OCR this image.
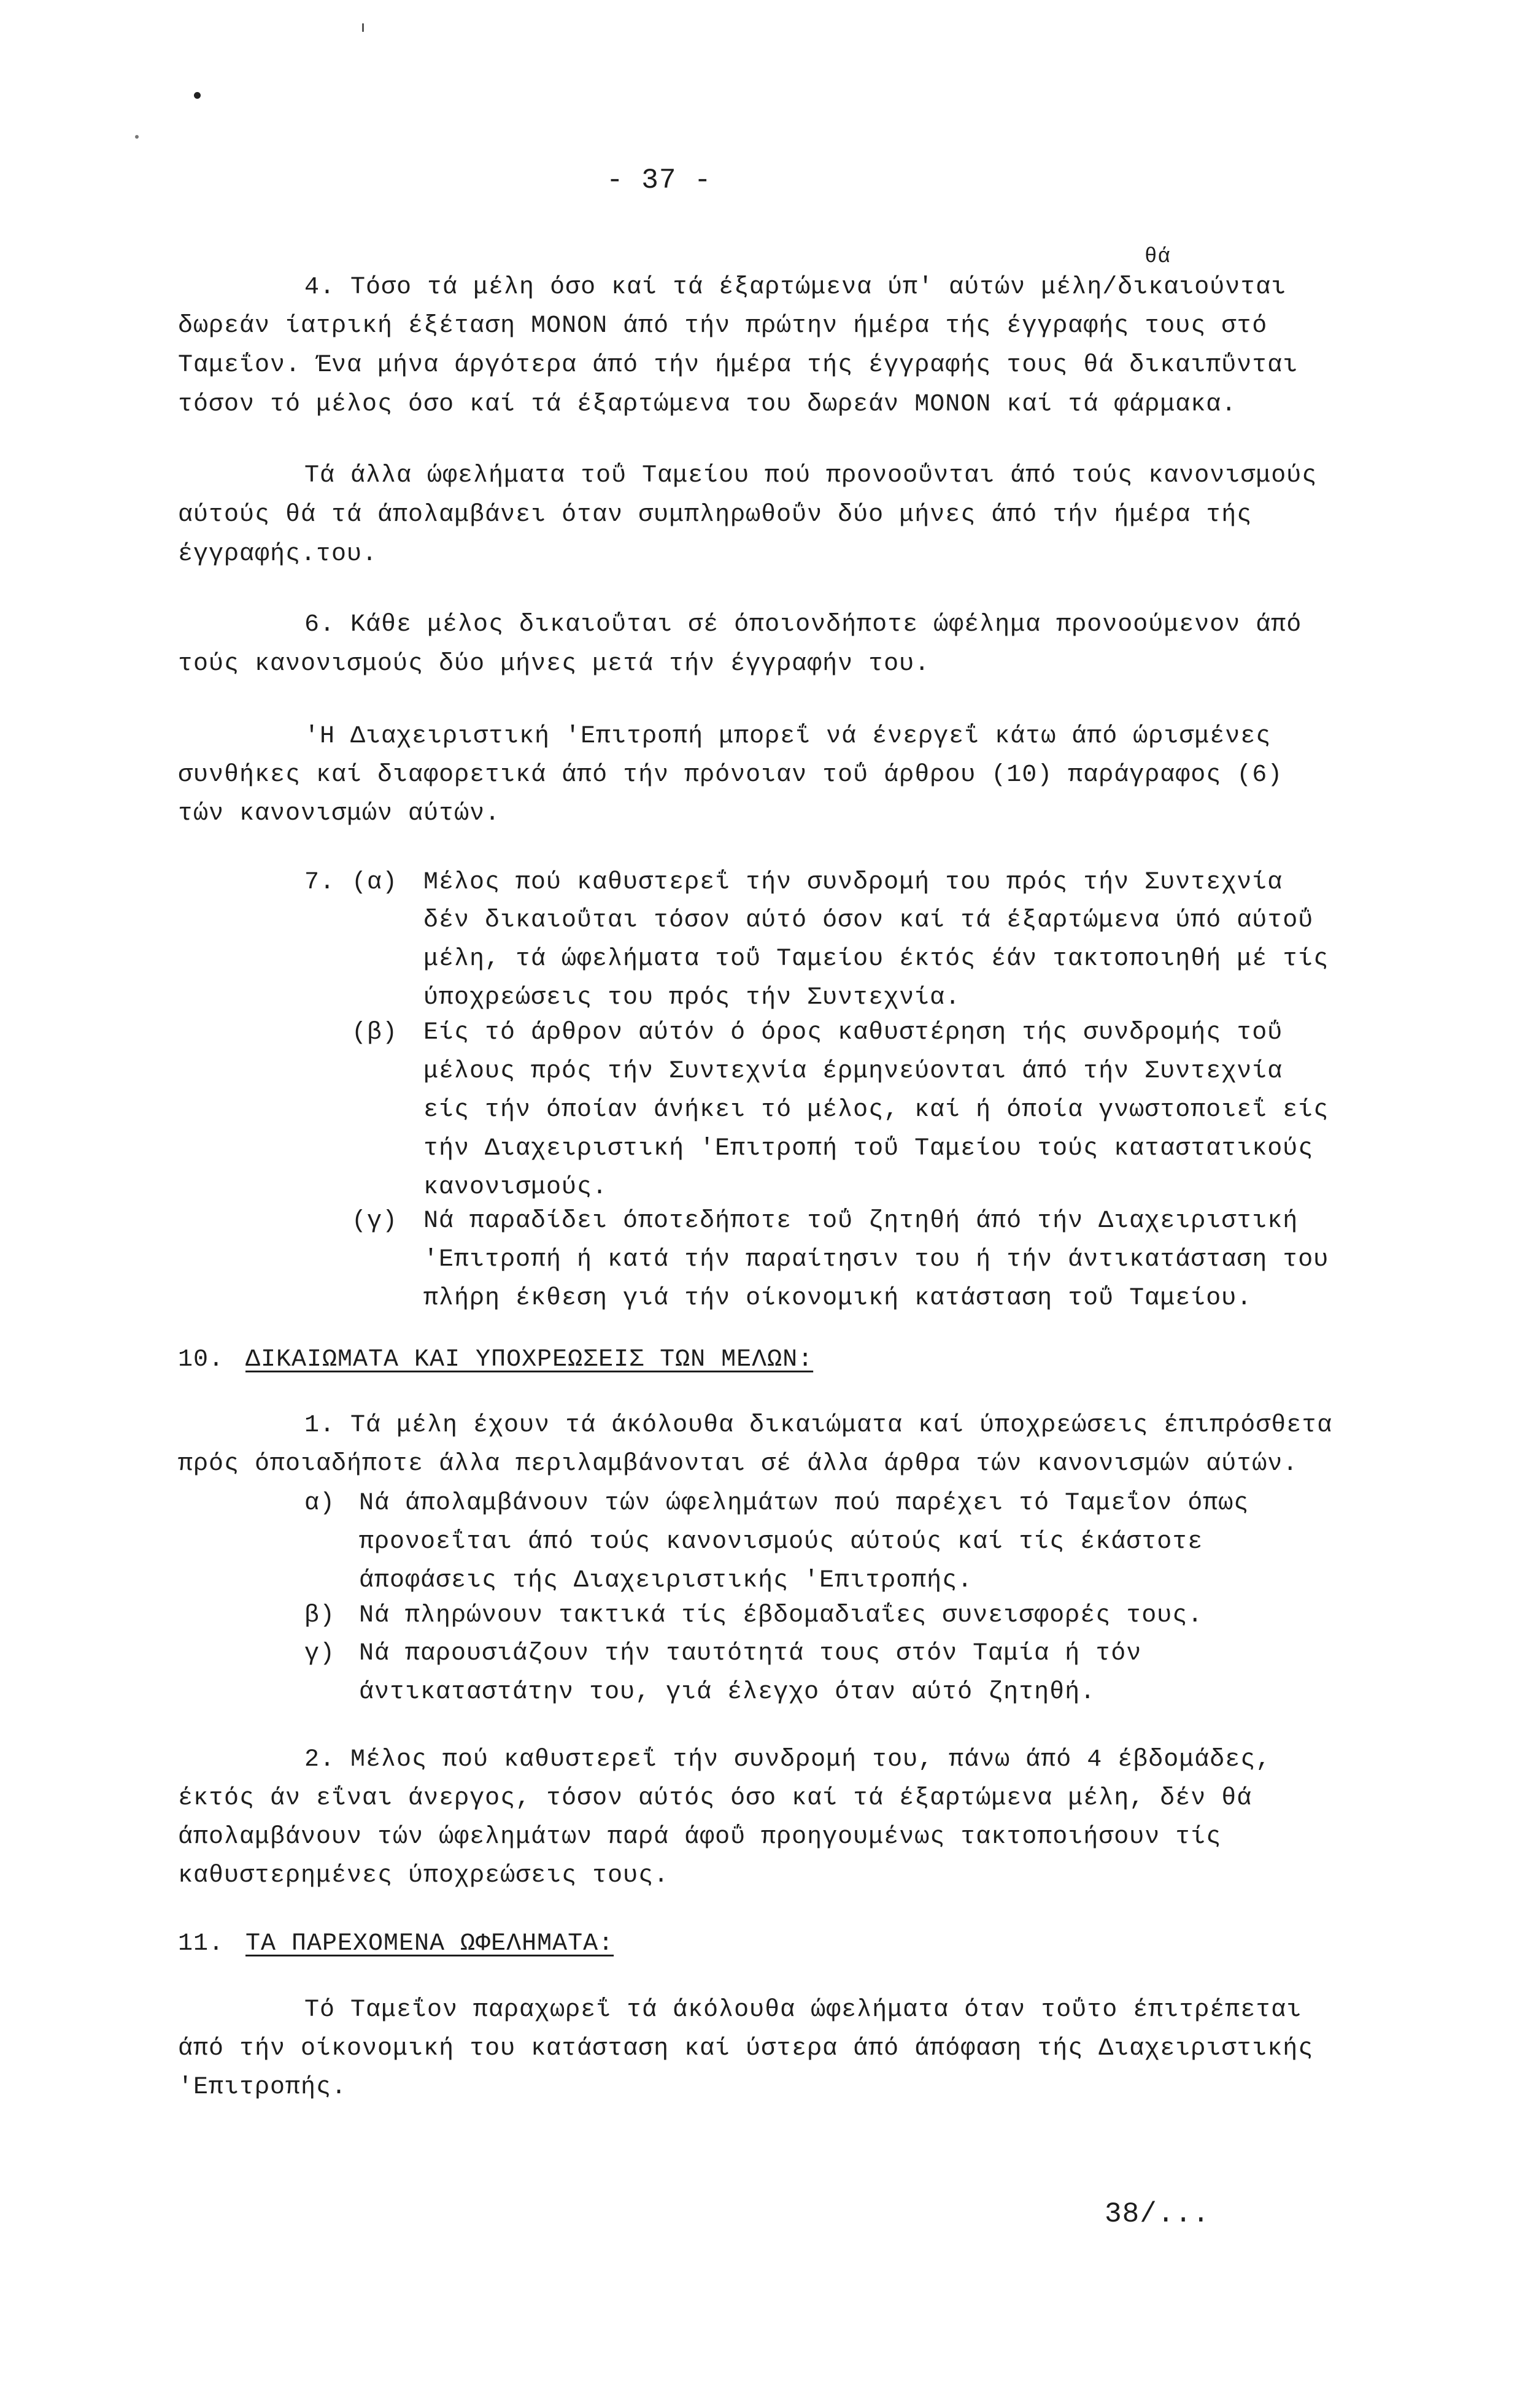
- 37 -
θά
4. Τόσο τά μέλη όσο καί τά έξαρτώμενα ύπ' αύτών μέλη/δικαιούνται
δωρεάν ίατρική έξέταση ΜΟΝΟΝ άπό τήν πρώτην ήμέρα τής έγγραφής τους στό
Ταμεΐον. Ένα μήνα άργότερα άπό τήν ήμέρα τής έγγραφής τους θά δικαιπΰνται
τόσον τό μέλος όσο καί τά έξαρτώμενα του δωρεάν ΜΟΝΟΝ καί τά φάρμακα.
Τά άλλα ώφελήματα τοΰ Ταμείου πού προνοοΰνται άπό τούς κανονισμούς
αύτούς θά τά άπολαμβάνει όταν συμπληρωθοΰν δύο μήνες άπό τήν ήμέρα τής
έγγραφής.του.
6. Κάθε μέλος δικαιοΰται σέ όποιονδήποτε ώφέλημα προνοούμενον άπό
τούς κανονισμούς δύο μήνες μετά τήν έγγραφήν του.
'Η Διαχειριστική 'Επιτροπή μπορεΐ νά ένεργεΐ κάτω άπό ώρισμένες
συνθήκες καί διαφορετικά άπό τήν πρόνοιαν τοΰ άρθρου (10) παράγραφος (6)
τών κανονισμών αύτών.
7. (α) Μέλος πού καθυστερεΐ τήν συνδρομή του πρός τήν Συντεχνία
δέν δικαιοΰται τόσον αύτό όσον καί τά έξαρτώμενα ύπό αύτοΰ
μέλη, τά ώφελήματα τοΰ Ταμείου έκτός έάν τακτοποιηθή μέ τίς
ύποχρεώσεις του πρός τήν Συντεχνία.
(β) Είς τό άρθρον αύτόν ό όρος καθυστέρηση τής συνδρομής τοΰ
μέλους πρός τήν Συντεχνία έρμηνεύονται άπό τήν Συντεχνία
είς τήν όποίαν άνήκει τό μέλος, καί ή όποία γνωστοποιεΐ είς
τήν Διαχειριστική 'Επιτροπή τοΰ Ταμείου τούς καταστατικούς
κανονισμούς.
(γ) Νά παραδίδει όποτεδήποτε τοΰ ζητηθή άπό τήν Διαχειριστική
'Επιτροπή ή κατά τήν παραίτησιν του ή τήν άντικατάσταση του
πλήρη έκθεση γιά τήν οίκονομική κατάσταση τοΰ Ταμείου.
10. ΔΙΚΑΙΩΜΑΤΑ ΚΑΙ ΥΠΟΧΡΕΩΣΕΙΣ ΤΩΝ ΜΕΛΩΝ:
1. Τά μέλη έχουν τά άκόλουθα δικαιώματα καί ύποχρεώσεις έπιπρόσθετα
πρός όποιαδήποτε άλλα περιλαμβάνονται σέ άλλα άρθρα τών κανονισμών αύτών.
α) Νά άπολαμβάνουν τών ώφελημάτων πού παρέχει τό Ταμεΐον όπως
προνοεΐται άπό τούς κανονισμούς αύτούς καί τίς έκάστοτε
άποφάσεις τής Διαχειριστικής 'Επιτροπής.
β) Νά πληρώνουν τακτικά τίς έβδομαδιαΐες συνεισφορές τους.
γ) Νά παρουσιάζουν τήν ταυτότητά τους στόν Ταμία ή τόν
άντικαταστάτην του, γιά έλεγχο όταν αύτό ζητηθή.
2. Μέλος πού καθυστερεΐ τήν συνδρομή του, πάνω άπό 4 έβδομάδες,
έκτός άν εΐναι άνεργος, τόσον αύτός όσο καί τά έξαρτώμενα μέλη, δέν θά
άπολαμβάνουν τών ώφελημάτων παρά άφοΰ προηγουμένως τακτοποιήσουν τίς
καθυστερημένες ύποχρεώσεις τους.
11. ΤΑ ΠΑΡΕΧΟΜΕΝΑ ΩΦΕΛΗΜΑΤΑ:
Τό Ταμεΐον παραχωρεΐ τά άκόλουθα ώφελήματα όταν τοΰτο έπιτρέπεται
άπό τήν οίκονομική του κατάσταση καί ύστερα άπό άπόφαση τής Διαχειριστικής
'Επιτροπής.
38/...
